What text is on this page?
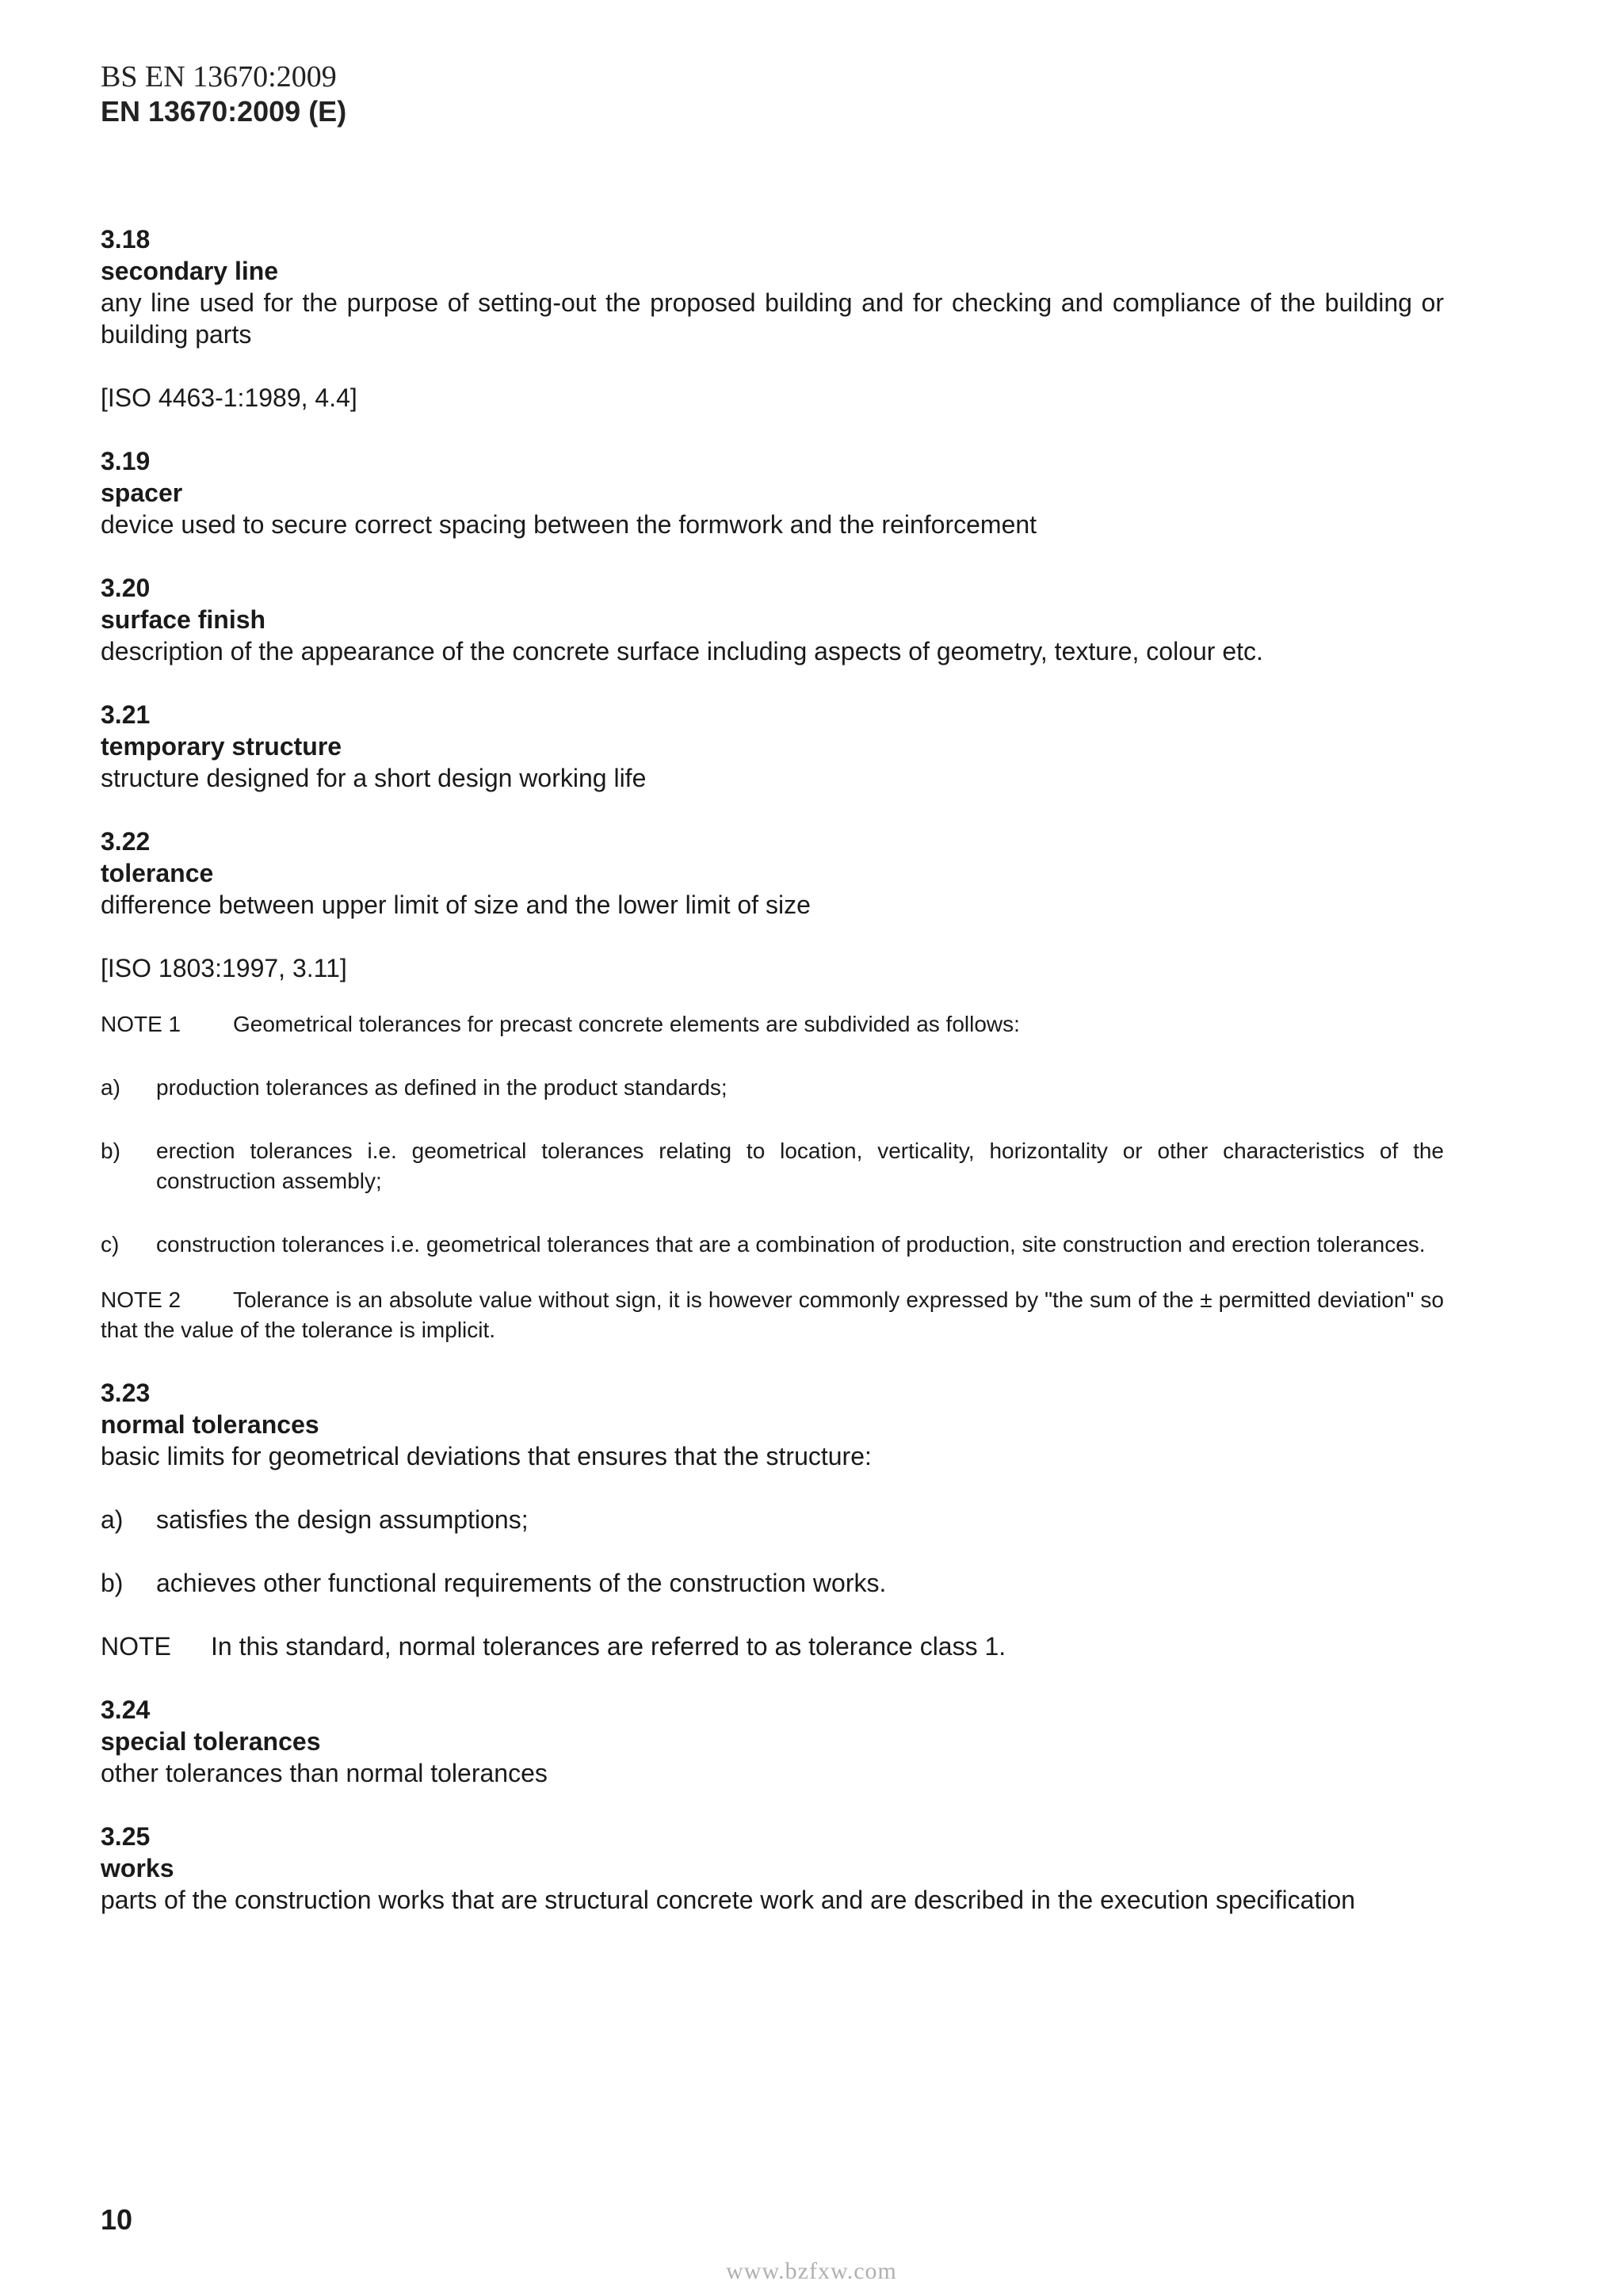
BS EN 13670:2009
EN 13670:2009 (E)
3.18
secondary line
any line used for the purpose of setting-out the proposed building and for checking and compliance of the building or building parts
[ISO 4463-1:1989, 4.4]
3.19
spacer
device used to secure correct spacing between the formwork and the reinforcement
3.20
surface finish
description of the appearance of the concrete surface including aspects of geometry, texture, colour etc.
3.21
temporary structure
structure designed for a short design working life
3.22
tolerance
difference between upper limit of size and the lower limit of size
[ISO 1803:1997, 3.11]
NOTE 1 Geometrical tolerances for precast concrete elements are subdivided as follows:
a) production tolerances as defined in the product standards;
b) erection tolerances i.e. geometrical tolerances relating to location, verticality, horizontality or other characteristics of the construction assembly;
c) construction tolerances i.e. geometrical tolerances that are a combination of production, site construction and erection tolerances.
NOTE 2 Tolerance is an absolute value without sign, it is however commonly expressed by "the sum of the ± permitted deviation" so that the value of the tolerance is implicit.
3.23
normal tolerances
basic limits for geometrical deviations that ensures that the structure:
a) satisfies the design assumptions;
b) achieves other functional requirements of the construction works.
NOTE In this standard, normal tolerances are referred to as tolerance class 1.
3.24
special tolerances
other tolerances than normal tolerances
3.25
works
parts of the construction works that are structural concrete work and are described in the execution specification
10
www.bzfxw.com
